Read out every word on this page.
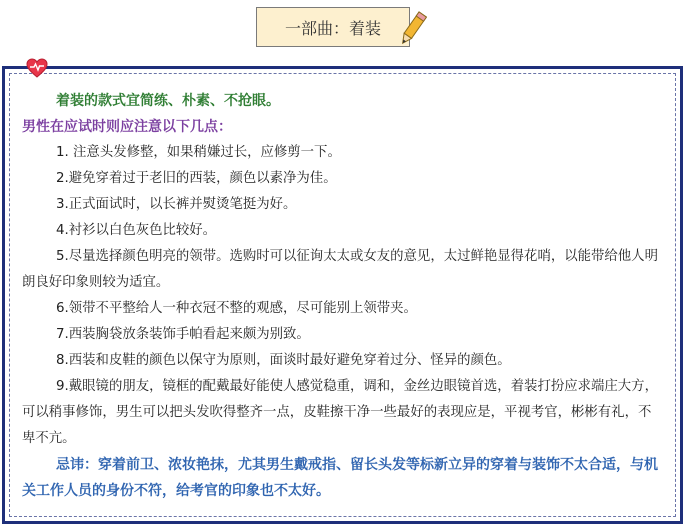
一部曲：着装
着装的款式宜简练、朴素、不抢眼。
男性在应试时则应注意以下几点：
1. 注意头发修整，如果稍嫌过长，应修剪一下。
2.避免穿着过于老旧的西装，颜色以素净为佳。
3.正式面试时，以长裤并熨烫笔挺为好。
4.衬衫以白色灰色比较好。
5.尽量选择颜色明亮的领带。选购时可以征询太太或女友的意见，太过鲜艳显得花哨，以能带给他人明朗良好印象则较为适宜。
6.领带不平整给人一种衣冠不整的观感，尽可能别上领带夹。
7.西装胸袋放条装饰手帕看起来颇为别致。
8.西装和皮鞋的颜色以保守为原则，面谈时最好避免穿着过分、怪异的颜色。
9.戴眼镜的朋友，镜框的配戴最好能使人感觉稳重，调和，金丝边眼镜首选，着装打扮应求端庄大方，可以稍事修饰，男生可以把头发吹得整齐一点，皮鞋擦干净一些最好的表现应是，平视考官，彬彬有礼，不卑不亢。
忌讳：穿着前卫、浓妆艳抹，尤其男生戴戒指、留长头发等标新立异的穿着与装饰不太合适，与机关工作人员的身份不符，给考官的印象也不太好。
